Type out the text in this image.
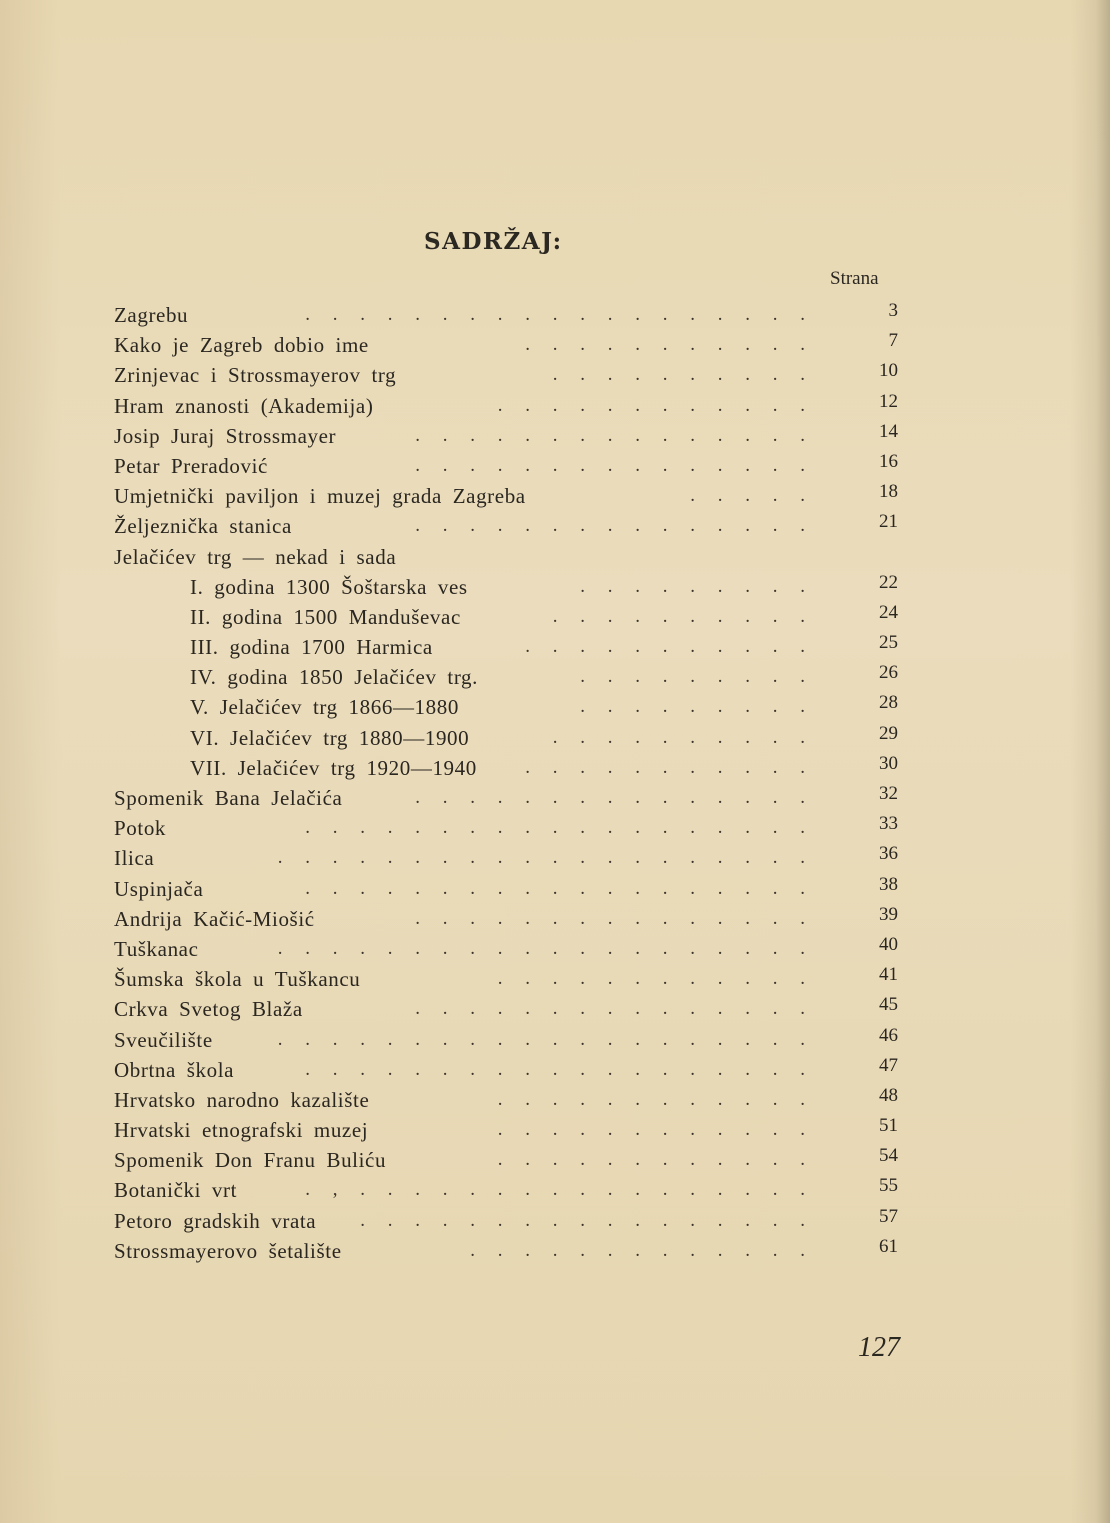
SADRŽAJ:
Strana
Zagrebu	. . . . . . . . . . . . . . . . . . .	3
Kako je Zagreb dobio ime	. . . . . . . . . . .	7
Zrinjevac i Strossmayerov trg	. . . . . . . . . .	10
Hram znanosti (Akademija)	. . . . . . . . . . . .	12
Josip Juraj Strossmayer	. . . . . . . . . . . . . . .	14
Petar Preradović	. . . . . . . . . . . . . . .	16
Umjetnički paviljon i muzej grada Zagreba	. . . . .	18
Željeznička stanica	. . . . . . . . . . . . . . .	21
Jelačićev trg — nekad i sada
I. godina 1300 Šoštarska ves	. . . . . . . . .	22
II. godina 1500 Manduševac	. . . . . . . . . .	24
III. godina 1700 Harmica	. . . . . . . . . . .	25
IV. godina 1850 Jelačićev trg.	. . . . . . . . .	26
V. Jelačićev trg 1866—1880	. . . . . . . . .	28
VI. Jelačićev trg 1880—1900	. . . . . . . . . .	29
VII. Jelačićev trg 1920—1940	. . . . . . . . . . .	30
Spomenik Bana Jelačića	. . . . . . . . . . . . . . .	32
Potok	. . . . . . . . . . . . . . . . . . .	33
Ilica	. . . . . . . . . . . . . . . . . . . .	36
Uspinjača	. . . . . . . . . . . . . . . . . . .	38
Andrija Kačić-Miošić	. . . . . . . . . . . . . . .	39
Tuškanac	. . . . . . . . . . . . . . . . . . . .	40
Šumska škola u Tuškancu	. . . . . . . . . . . .	41
Crkva Svetog Blaža	. . . . . . . . . . . . . . .	45
Sveučilište	. . . . . . . . . . . . . . . . . . . .	46
Obrtna škola	. . . . . . . . . . . . . . . . . . .	47
Hrvatsko narodno kazalište	. . . . . . . . . . . .	48
Hrvatski etnografski muzej	. . . . . . . . . . . .	51
Spomenik Don Franu Buliću	. . . . . . . . . . . .	54
Botanički vrt	. , . . . . . . . . . . . . . . . . .	55
Petoro gradskih vrata . . . . . . . . . . . . . . . . .	57
Strossmayerovo šetalište	. . . . . . . . . . . . .	61
127
